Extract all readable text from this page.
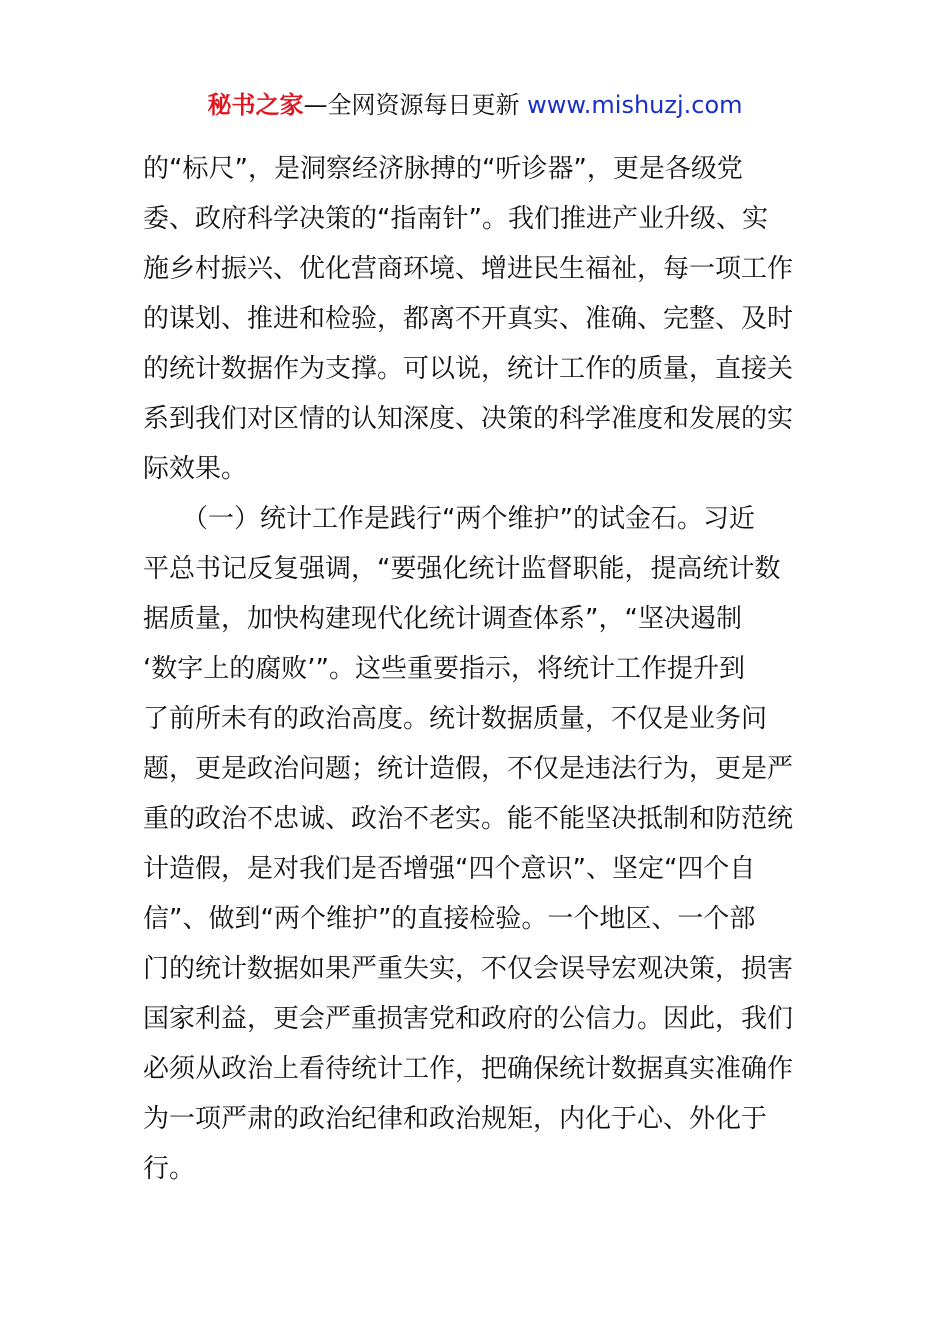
秘书之家—全网资源每日更新 www.mishuzj.com
的“标尺”，是洞察经济脉搏的“听诊器”，更是各级党
委、政府科学决策的“指南针”。我们推进产业升级、实
施乡村振兴、优化营商环境、增进民生福祉，每一项工作
的谋划、推进和检验，都离不开真实、准确、完整、及时
的统计数据作为支撑。可以说，统计工作的质量，直接关
系到我们对区情的认知深度、决策的科学准度和发展的实
际效果。
　　（一）统计工作是践行“两个维护”的试金石。习近
平总书记反复强调，“要强化统计监督职能，提高统计数
据质量，加快构建现代化统计调查体系”，“坚决遏制
‘数字上的腐败’”。这些重要指示，将统计工作提升到
了前所未有的政治高度。统计数据质量，不仅是业务问
题，更是政治问题；统计造假，不仅是违法行为，更是严
重的政治不忠诚、政治不老实。能不能坚决抵制和防范统
计造假，是对我们是否增强“四个意识”、坚定“四个自
信”、做到“两个维护”的直接检验。一个地区、一个部
门的统计数据如果严重失实，不仅会误导宏观决策，损害
国家利益，更会严重损害党和政府的公信力。因此，我们
必须从政治上看待统计工作，把确保统计数据真实准确作
为一项严肃的政治纪律和政治规矩，内化于心、外化于
行。
